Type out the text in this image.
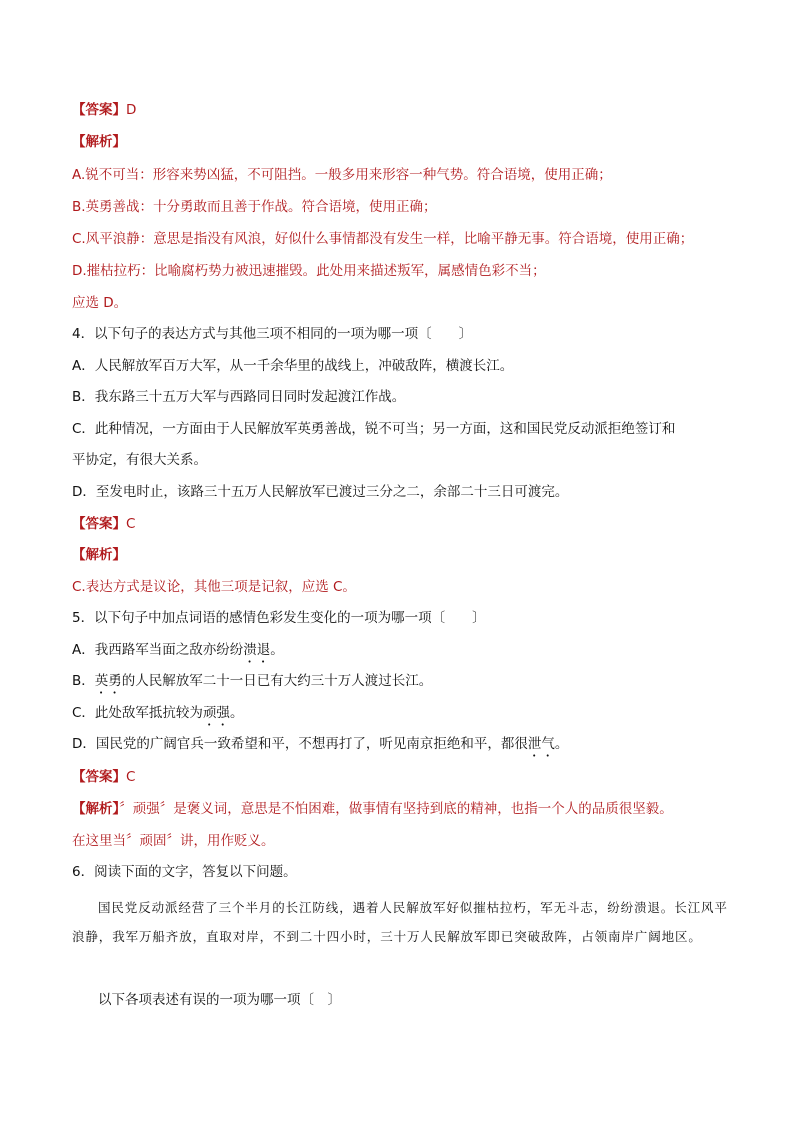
【答案】D
【解析】
A.锐不可当：形容来势凶猛，不可阻挡。一般多用来形容一种气势。符合语境，使用正确；
B.英勇善战：十分勇敢而且善于作战。符合语境，使用正确；
C.风平浪静：意思是指没有风浪，好似什么事情都没有发生一样，比喻平静无事。符合语境，使用正确；
D.摧枯拉朽：比喻腐朽势力被迅速摧毁。此处用来描述叛军，属感情色彩不当；
应选 D。
4．以下句子的表达方式与其他三项不相同的一项为哪一项〔　　〕
A．人民解放军百万大军，从一千余华里的战线上，冲破敌阵，横渡长江。
B．我东路三十五万大军与西路同日同时发起渡江作战。
C．此种情况，一方面由于人民解放军英勇善战，锐不可当；另一方面，这和国民党反动派拒绝签订和
平协定，有很大关系。
D．至发电时止，该路三十五万人民解放军已渡过三分之二，余部二十三日可渡完。
【答案】C
【解析】
C.表达方式是议论，其他三项是记叙，应选 C。
5．以下句子中加点词语的感情色彩发生变化的一项为哪一项〔　　〕
A．我西路军当面之敌亦纷纷溃退。
B．英勇的人民解放军二十一日已有大约三十万人渡过长江。
C．此处敌军抵抗较为顽强。
D．国民党的广阔官兵一致希望和平，不想再打了，听见南京拒绝和平，都很泄气。
【答案】C
【解析】〞顽强〞是褒义词，意思是不怕困难，做事情有坚持到底的精神，也指一个人的品质很坚毅。
在这里当〞顽固〞讲，用作贬义。
6．阅读下面的文字，答复以下问题。
国民党反动派经营了三个半月的长江防线，遇着人民解放军好似摧枯拉朽，军无斗志，纷纷溃退。长江风平浪静，我军万船齐放，直取对岸，不到二十四小时，三十万人民解放军即已突破敌阵，占领南岸广阔地区。
以下各项表述有误的一项为哪一项〔　〕
